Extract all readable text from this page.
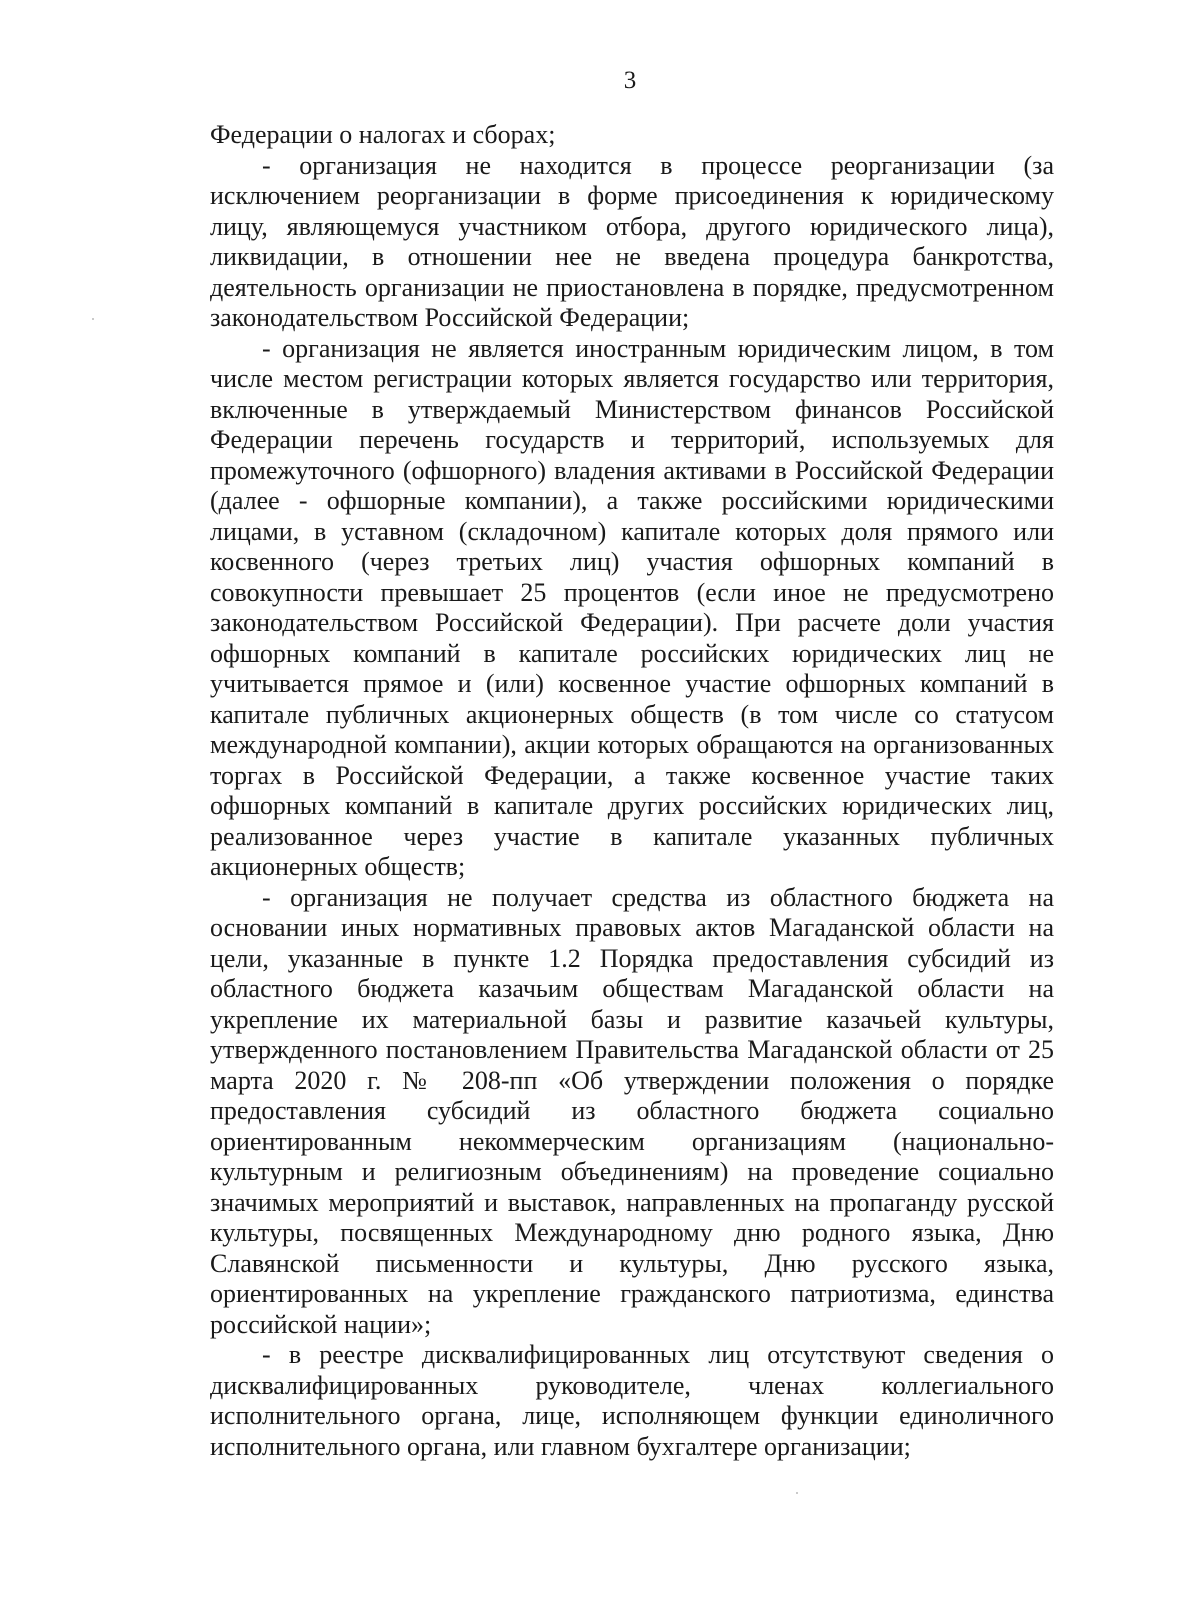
3

Федерации о налогах и сборах;

- организация не находится в процессе реорганизации (за исключением реорганизации в форме присоединения к юридическому лицу, являющемуся участником отбора, другого юридического лица), ликвидации, в отношении нее не введена процедура банкротства, деятельность организации не приостановлена в порядке, предусмотренном законодательством Российской Федерации;

- организация не является иностранным юридическим лицом, в том числе местом регистрации которых является государство или территория, включенные в утверждаемый Министерством финансов Российской Федерации перечень государств и территорий, используемых для промежуточного (офшорного) владения активами в Российской Федерации (далее - офшорные компании), а также российскими юридическими лицами, в уставном (складочном) капитале которых доля прямого или косвенного (через третьих лиц) участия офшорных компаний в совокупности превышает 25 процентов (если иное не предусмотрено законодательством Российской Федерации). При расчете доли участия офшорных компаний в капитале российских юридических лиц не учитывается прямое и (или) косвенное участие офшорных компаний в капитале публичных акционерных обществ (в том числе со статусом международной компании), акции которых обращаются на организованных торгах в Российской Федерации, а также косвенное участие таких офшорных компаний в капитале других российских юридических лиц, реализованное через участие в капитале указанных публичных акционерных обществ;

- организация не получает средства из областного бюджета на основании иных нормативных правовых актов Магаданской области на цели, указанные в пункте 1.2 Порядка предоставления субсидий из областного бюджета казачьим обществам Магаданской области на укрепление их материальной базы и развитие казачьей культуры, утвержденного постановлением Правительства Магаданской области от 25 марта 2020 г. № 208-пп «Об утверждении положения о порядке предоставления субсидий из областного бюджета социально ориентированным некоммерческим организациям (национально-культурным и религиозным объединениям) на проведение социально значимых мероприятий и выставок, направленных на пропаганду русской культуры, посвященных Международному дню родного языка, Дню Славянской письменности и культуры, Дню русского языка, ориентированных на укрепление гражданского патриотизма, единства российской нации»;

- в реестре дисквалифицированных лиц отсутствуют сведения о дисквалифицированных руководителе, членах коллегиального исполнительного органа, лице, исполняющем функции единоличного исполнительного органа, или главном бухгалтере организации;
